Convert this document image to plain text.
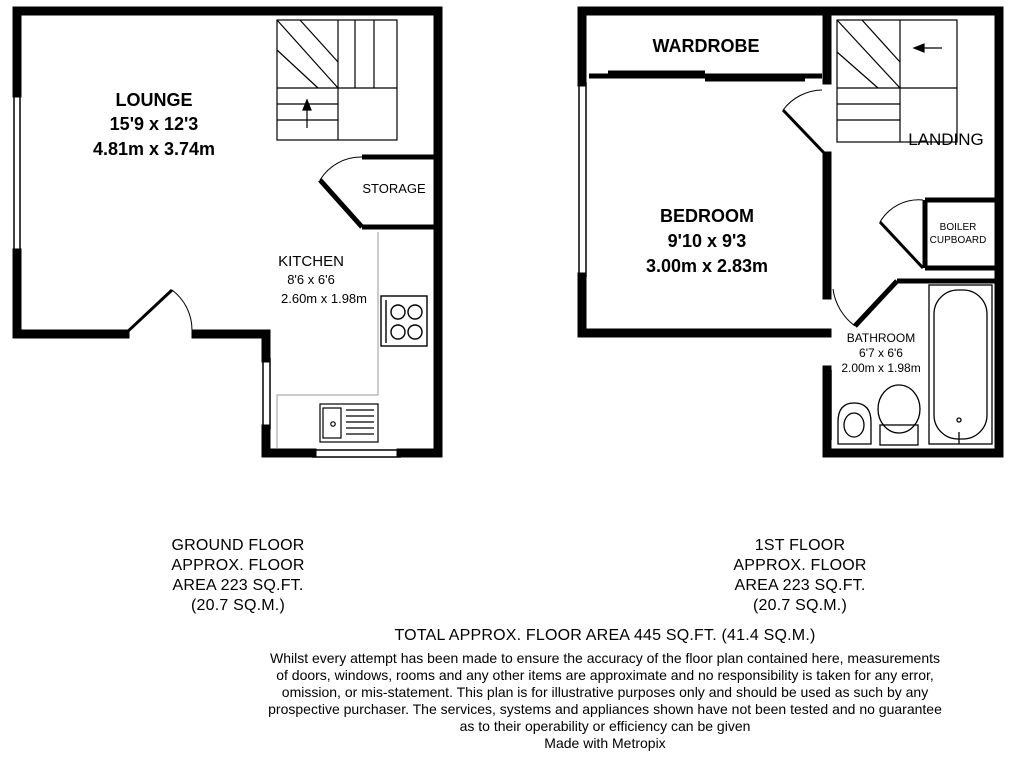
LOUNGE
15'9 x 12'3
4.81m x 3.74m
STORAGE
KITCHEN
8'6 x 6'6
2.60m x 1.98m
WARDROBE
BEDROOM
9'10 x 9'3
3.00m x 2.83m
LANDING
BOILER
CUPBOARD
BATHROOM
6'7 x 6'6
2.00m x 1.98m
GROUND FLOOR
APPROX. FLOOR
AREA 223 SQ.FT.
(20.7 SQ.M.)
1ST FLOOR
APPROX. FLOOR
AREA 223 SQ.FT.
(20.7 SQ.M.)
TOTAL APPROX. FLOOR AREA 445 SQ.FT. (41.4 SQ.M.)
Whilst every attempt has been made to ensure the accuracy of the floor plan contained here, measurements
of doors, windows, rooms and any other items are approximate and no responsibility is taken for any error,
omission, or mis-statement. This plan is for illustrative purposes only and should be used as such by any
prospective purchaser. The services, systems and appliances shown have not been tested and no guarantee
as to their operability or efficiency can be given
Made with Metropix
